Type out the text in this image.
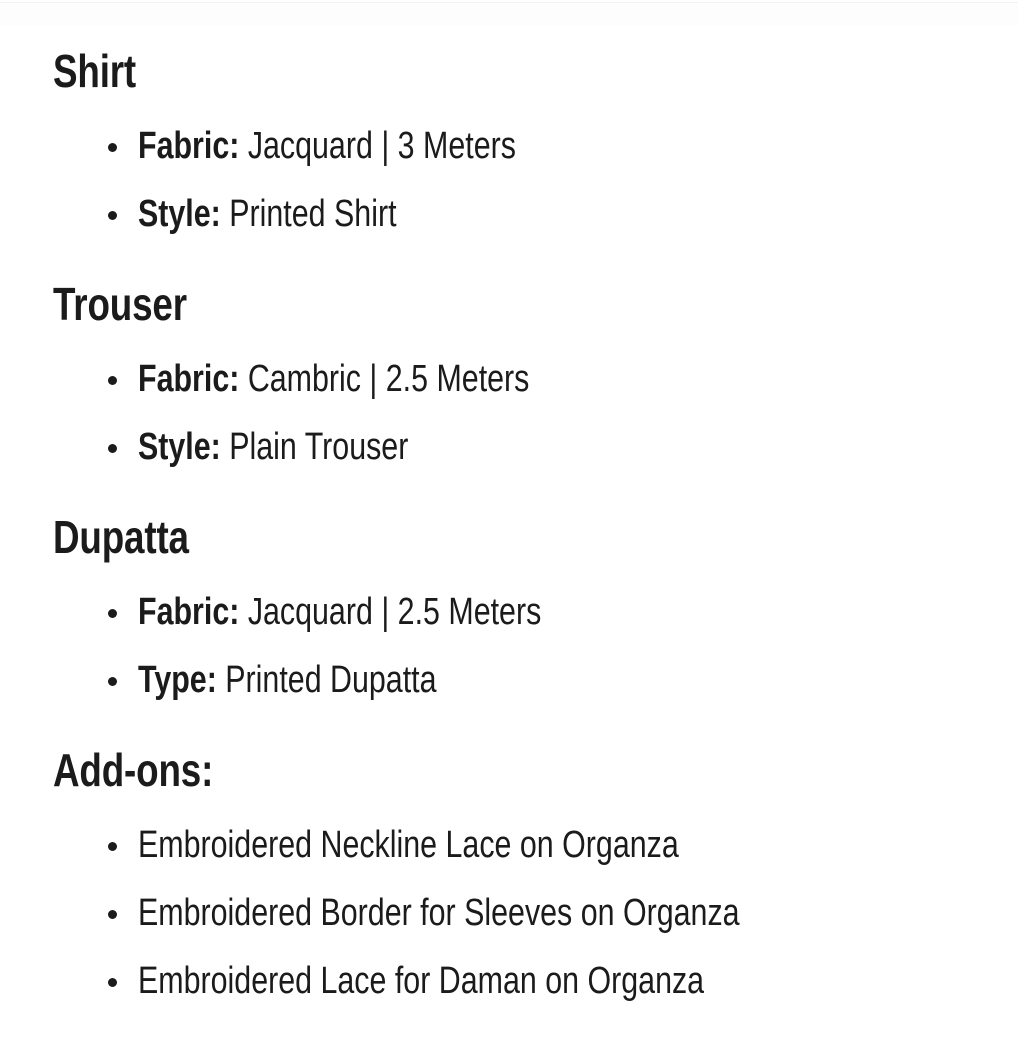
Shirt
Fabric: Jacquard | 3 Meters
Style: Printed Shirt
Trouser
Fabric: Cambric | 2.5 Meters
Style: Plain Trouser
Dupatta
Fabric: Jacquard | 2.5 Meters
Type: Printed Dupatta
Add-ons:
Embroidered Neckline Lace on Organza
Embroidered Border for Sleeves on Organza
Embroidered Lace for Daman on Organza
